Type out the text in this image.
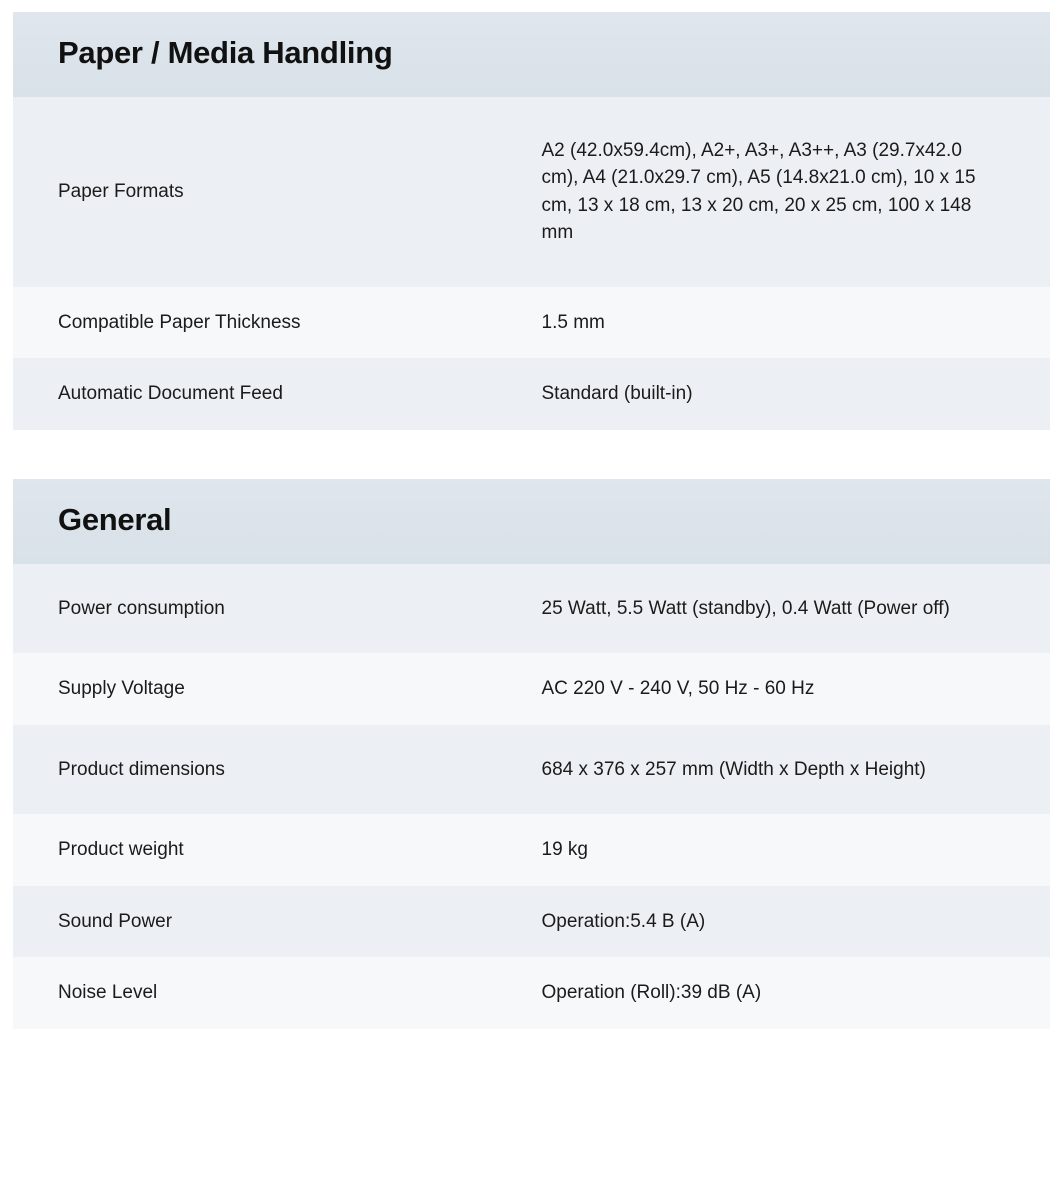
Paper / Media Handling	
Paper Formats	A2 (42.0x59.4cm), A2+, A3+, A3++, A3 (29.7x42.0 cm), A4 (21.0x29.7 cm), A5 (14.8x21.0 cm), 10 x 15 cm, 13 x 18 cm, 13 x 20 cm, 20 x 25 cm, 100 x 148 mm
Compatible Paper Thickness	1.5 mm
Automatic Document Feed	Standard (built-in)
General	
Power consumption	25 Watt, 5.5 Watt (standby), 0.4 Watt (Power off)
Supply Voltage	AC 220 V - 240 V, 50 Hz - 60 Hz
Product dimensions	684 x 376 x 257 mm (Width x Depth x Height)
Product weight	19 kg
Sound Power	Operation:5.4 B (A)
Noise Level	Operation (Roll):39 dB (A)
